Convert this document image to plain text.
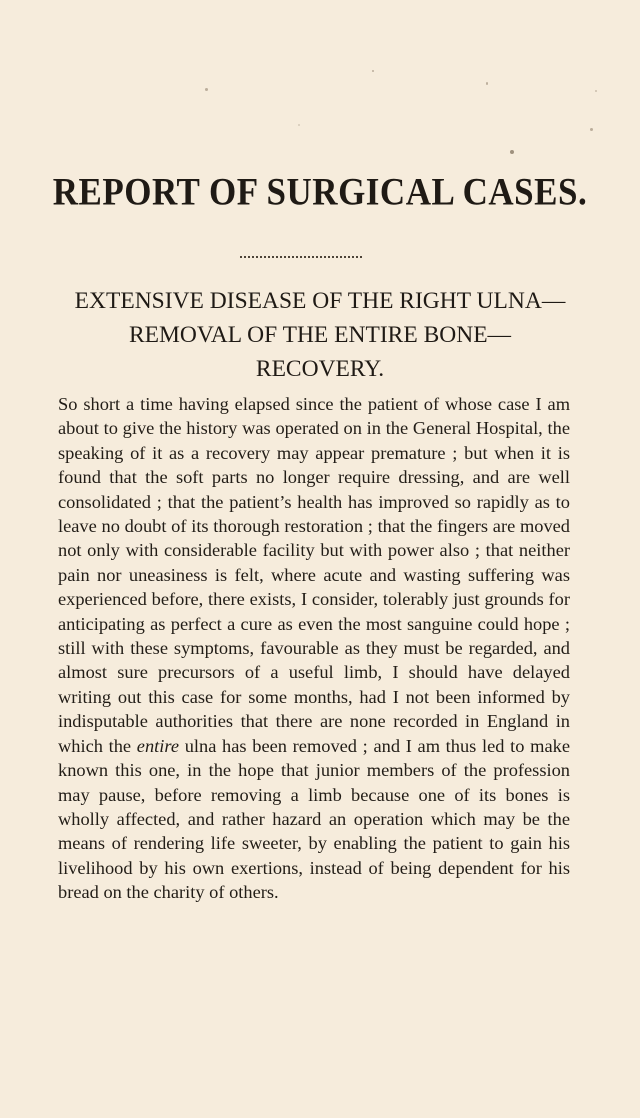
REPORT OF SURGICAL CASES.
EXTENSIVE DISEASE OF THE RIGHT ULNA—
REMOVAL OF THE ENTIRE BONE—
RECOVERY.
So short a time having elapsed since the patient of whose case I am about to give the history was operated on in the General Hospital, the speaking of it as a recovery may appear premature ; but when it is found that the soft parts no longer require dressing, and are well consolidated ; that the patient’s health has improved so rapidly as to leave no doubt of its thorough restoration ; that the fingers are moved not only with considerable facility but with power also ; that neither pain nor uneasiness is felt, where acute and wasting suffering was experienced before, there exists, I consider, tolerably just grounds for anticipating as perfect a cure as even the most sanguine could hope ; still with these symptoms, favourable as they must be regarded, and almost sure precursors of a useful limb, I should have delayed writing out this case for some months, had I not been informed by indisputable authorities that there are none recorded in England in which the entire ulna has been removed ; and I am thus led to make known this one, in the hope that junior members of the profession may pause, before removing a limb because one of its bones is wholly affected, and rather hazard an operation which may be the means of rendering life sweeter, by enabling the patient to gain his livelihood by his own exertions, instead of being dependent for his bread on the charity of others.
